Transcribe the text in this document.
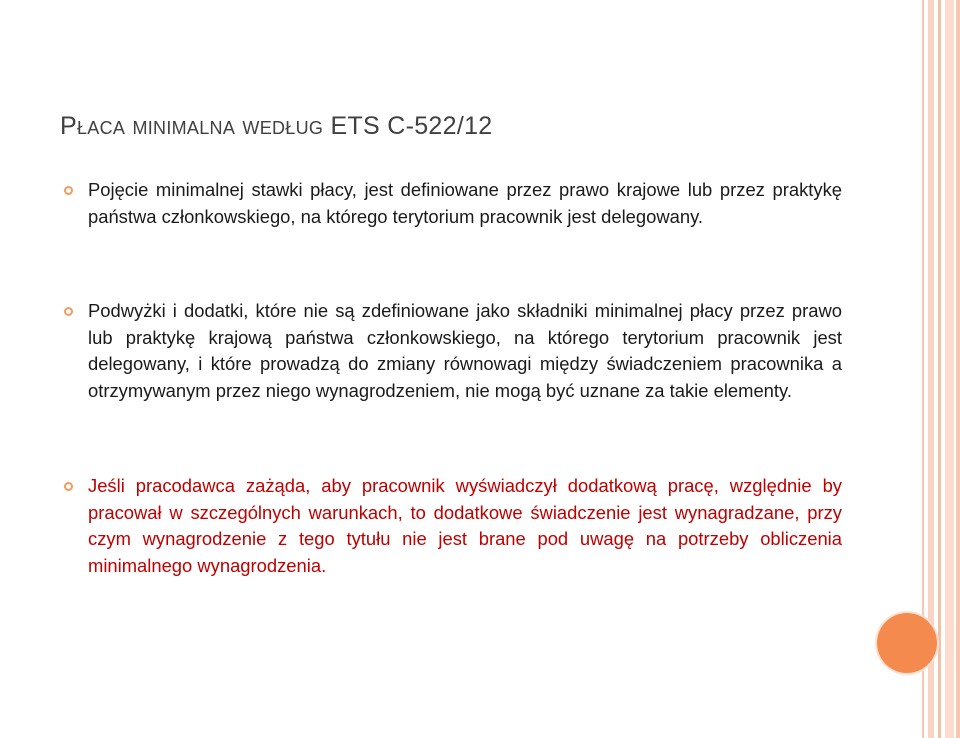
Płaca minimalna według ETS C-522/12
Pojęcie minimalnej stawki płacy, jest definiowane przez prawo krajowe lub przez praktykę państwa członkowskiego, na którego terytorium pracownik jest delegowany.
Podwyżki i dodatki, które nie są zdefiniowane jako składniki minimalnej płacy przez prawo lub praktykę krajową państwa członkowskiego, na którego terytorium pracownik jest delegowany, i które prowadzą do zmiany równowagi między świadczeniem pracownika a otrzymywanym przez niego wynagrodzeniem, nie mogą być uznane za takie elementy.
Jeśli pracodawca zażąda, aby pracownik wyświadczył dodatkową pracę, względnie by pracował w szczególnych warunkach, to dodatkowe świadczenie jest wynagradzane, przy czym wynagrodzenie z tego tytułu nie jest brane pod uwagę na potrzeby obliczenia minimalnego wynagrodzenia.
